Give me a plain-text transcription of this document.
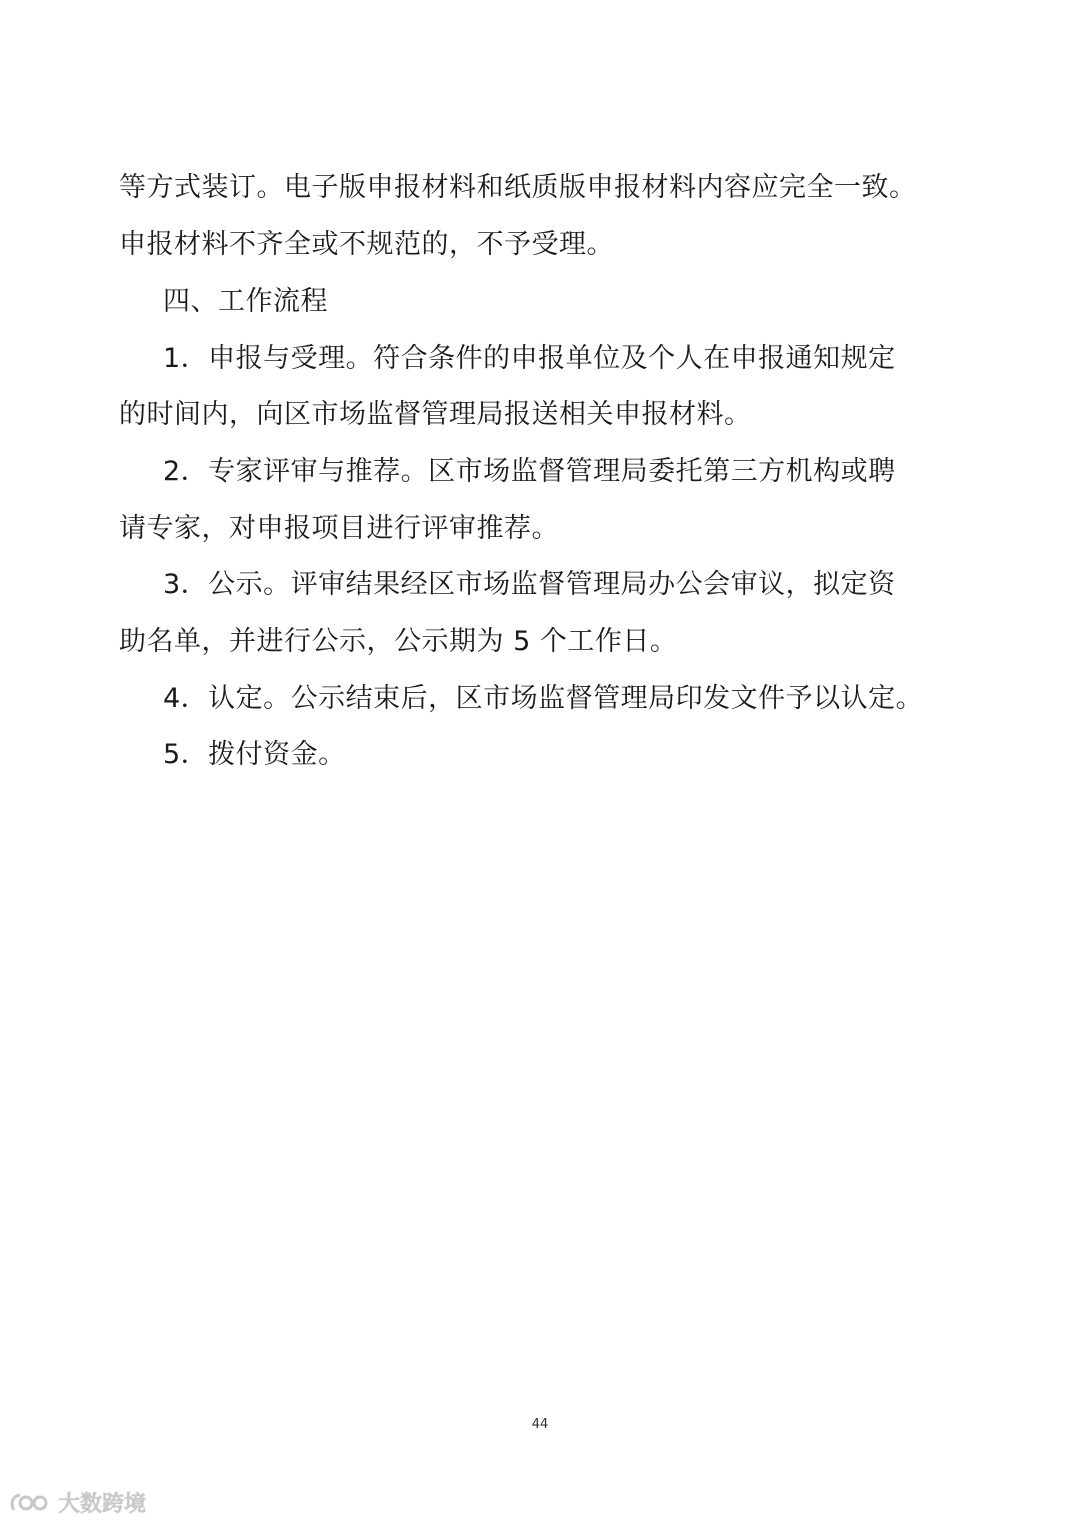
等方式装订。电子版申报材料和纸质版申报材料内容应完全一致。
申报材料不齐全或不规范的，不予受理。
四、工作流程
1．申报与受理。符合条件的申报单位及个人在申报通知规定
的时间内，向区市场监督管理局报送相关申报材料。
2．专家评审与推荐。区市场监督管理局委托第三方机构或聘
请专家，对申报项目进行评审推荐。
3．公示。评审结果经区市场监督管理局办公会审议，拟定资
助名单，并进行公示，公示期为 5 个工作日。
4．认定。公示结束后，区市场监督管理局印发文件予以认定。
5．拨付资金。
44
大数跨境
